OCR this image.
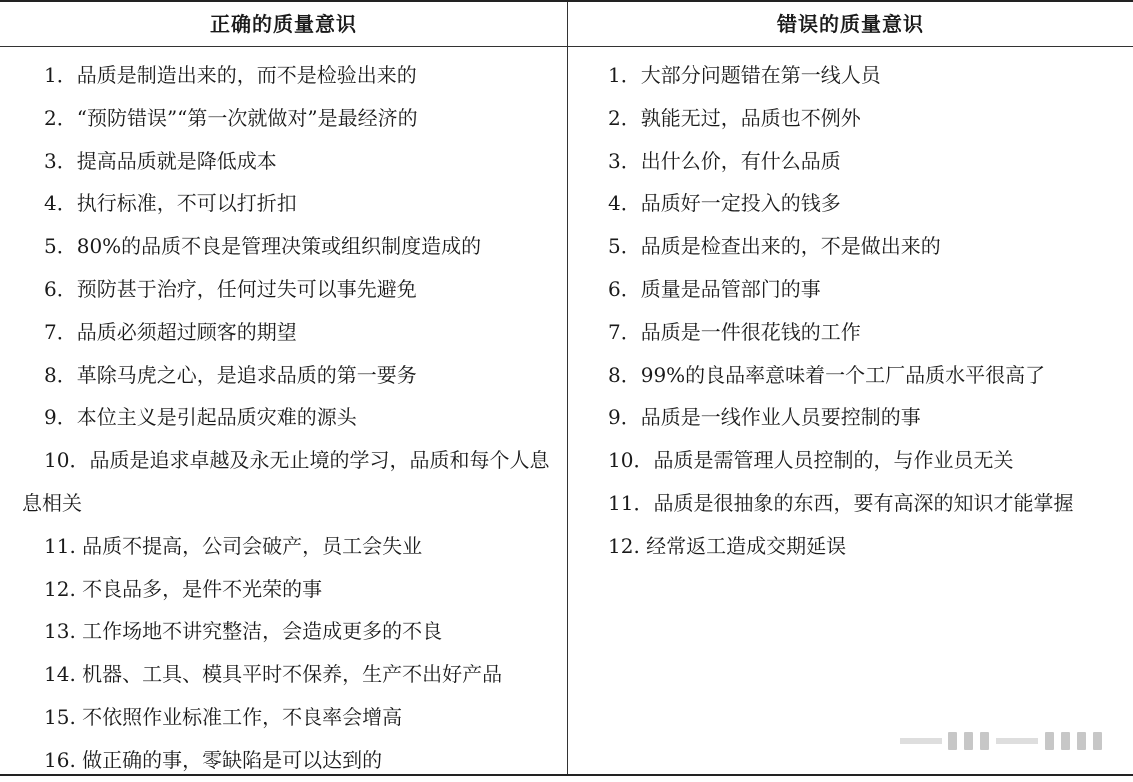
正确的质量意识	错误的质量意识

1．品质是制造出来的，而不是检验出来的

2．“预防错误”“第一次就做对”是最经济的

3．提高品质就是降低成本

4．执行标准，不可以打折扣

5．80%的品质不良是管理决策或组织制度造成的

6．预防甚于治疗，任何过失可以事先避免

7．品质必须超过顾客的期望

8．革除马虎之心，是追求品质的第一要务

9．本位主义是引起品质灾难的源头

10．品质是追求卓越及永无止境的学习，品质和每个人息息相关

11. 品质不提高，公司会破产，员工会失业

12. 不良品多，是件不光荣的事

13. 工作场地不讲究整洁，会造成更多的不良

14. 机器、工具、模具平时不保养，生产不出好产品

15. 不依照作业标准工作，不良率会增高

16. 做正确的事，零缺陷是可以达到的

1．大部分问题错在第一线人员

2．孰能无过，品质也不例外

3．出什么价，有什么品质

4．品质好一定投入的钱多

5．品质是检查出来的，不是做出来的

6．质量是品管部门的事

7．品质是一件很花钱的工作

8．99%的良品率意味着一个工厂品质水平很高了

9．品质是一线作业人员要控制的事

10．品质是需管理人员控制的，与作业员无关

11．品质是很抽象的东西，要有高深的知识才能掌握

12. 经常返工造成交期延误
